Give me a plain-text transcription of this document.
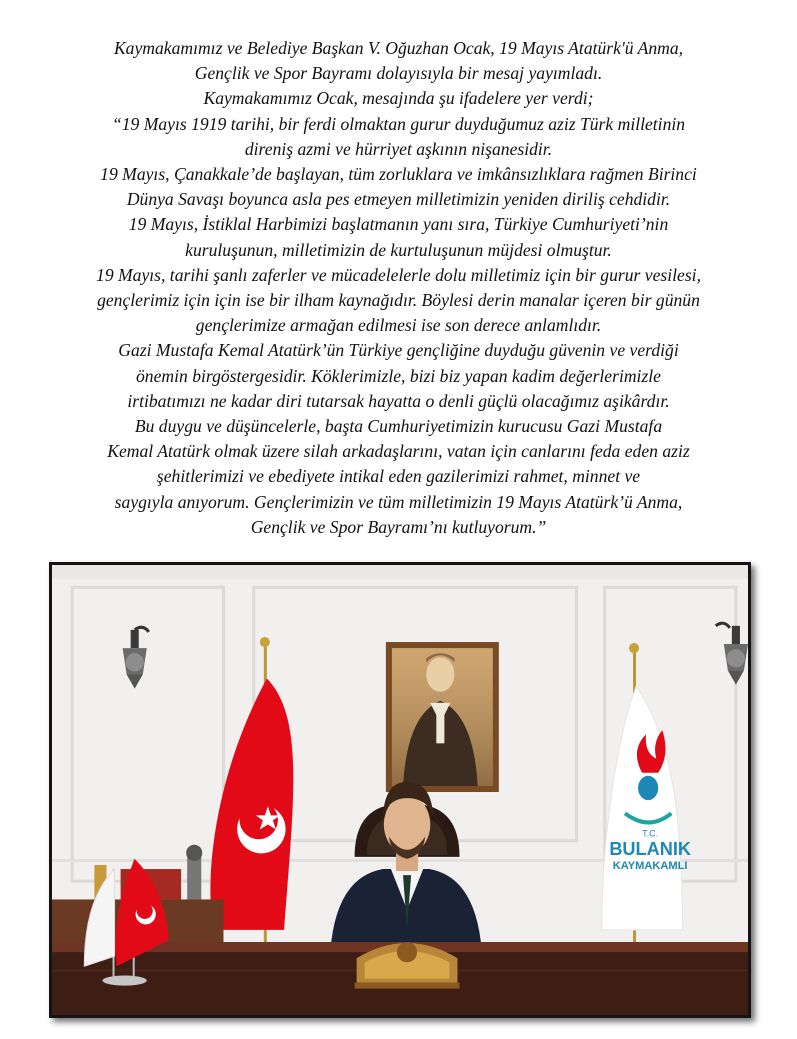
Kaymakamımız ve Belediye Başkan V. Oğuzhan Ocak, 19 Mayıs Atatürk'ü Anma,
Gençlik ve Spor Bayramı dolayısıyla bir mesaj yayımladı.
Kaymakamımız Ocak, mesajında şu ifadelere yer verdi;
“19 Mayıs 1919 tarihi, bir ferdi olmaktan gurur duyduğumuz aziz Türk milletinin
direniş azmi ve hürriyet aşkının nişanesidir.
19 Mayıs, Çanakkale’de başlayan, tüm zorluklara ve imkânsızlıklara rağmen Birinci
Dünya Savaşı boyunca asla pes etmeyen milletimizin yeniden diriliş cehdidir.
19 Mayıs, İstiklal Harbimizi başlatmanın yanı sıra, Türkiye Cumhuriyeti’nin
kuruluşunun, milletimizin de kurtuluşunun müjdesi olmuştur.
19 Mayıs, tarihi şanlı zaferler ve mücadelelerle dolu milletimiz için bir gurur vesilesi,
gençlerimiz için için ise bir ilham kaynağıdır. Böylesi derin manalar içeren bir günün
gençlerimize armağan edilmesi ise son derece anlamlıdır.
Gazi Mustafa Kemal Atatürk’ün Türkiye gençliğine duyduğu güvenin ve verdiği
önemin birgöstergesidir. Köklerimizle, bizi biz yapan kadim değerlerimizle
irtibatımızı ne kadar diri tutarsak hayatta o denli güçlü olacağımız aşikârdır.
Bu duygu ve düşüncelerle, başta Cumhuriyetimizin kurucusu Gazi Mustafa
Kemal Atatürk olmak üzere silah arkadaşlarını, vatan için canlarını feda eden aziz
şehitlerimizi ve ebediyete intikal eden gazilerimizi rahmet, minnet ve
saygıyla anıyorum. Gençlerimizin ve tüm milletimizin 19 Mayıs Atatürk’ü Anma,
Gençlik ve Spor Bayramı’nı kutluyorum.”
T.C.
BULANIK
KAYMAKAMLI
